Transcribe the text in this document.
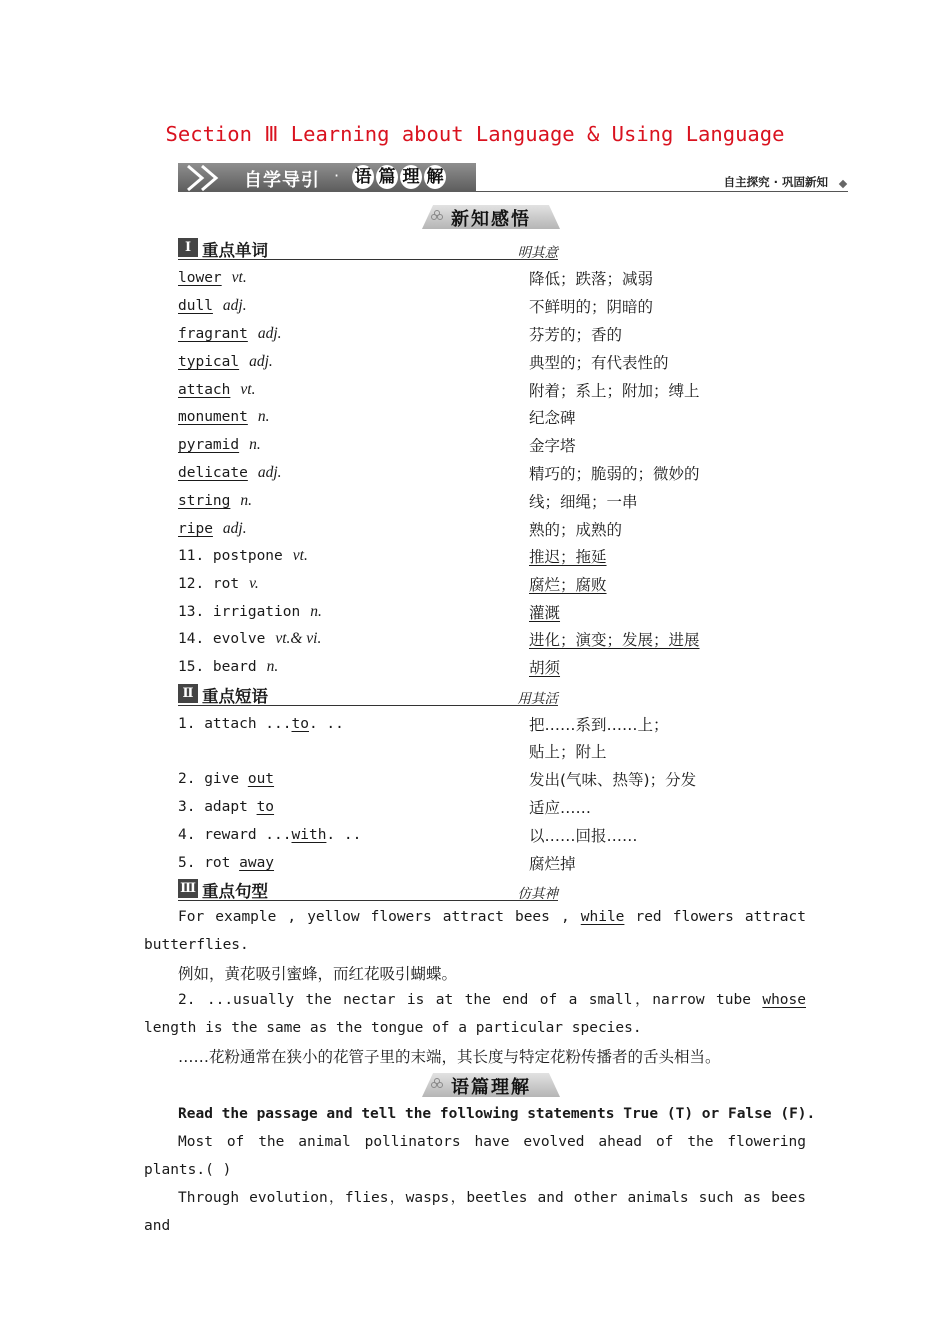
Section Ⅲ Learning about Language & Using Language
自学导引 · 语 篇 理 解	自主探究 · 巩固新知
新知感悟
Ⅰ 重点单词	明其意
lower vt.	降低；跌落；减弱
dull adj.	不鲜明的；阴暗的
fragrant adj.	芬芳的；香的
typical adj.	典型的；有代表性的
attach vt.	附着；系上；附加；缚上
monument n.	纪念碑
pyramid n.	金字塔
delicate adj.	精巧的；脆弱的；微妙的
string n.	线；细绳；一串
ripe adj.	熟的；成熟的
11. postpone vt.	推迟；拖延
12. rot v.	腐烂；腐败
13. irrigation n.	灌溉
14. evolve vt.& vi.	进化；演变；发展；进展
15. beard n.	胡须
Ⅱ 重点短语	用其活
1. attach ...to. ..	把……系到……上；
贴上；附上
2. give out	发出(气味、热等)；分发
3. adapt to	适应……
4. reward ...with. ..	以……回报……
5. rot away	腐烂掉
Ⅲ 重点句型	仿其神
For example , yellow flowers attract bees , while red flowers attract butterflies.
例如，黄花吸引蜜蜂，而红花吸引蝴蝶。
2. ...usually the nectar is at the end of a small，narrow tube whose length is the same as the tongue of a particular species.
……花粉通常在狭小的花管子里的末端，其长度与特定花粉传播者的舌头相当。
语篇理解
Read the passage and tell the following statements True (T) or False (F).
Most of the animal pollinators have evolved ahead of the flowering plants.( )
Through evolution，flies，wasps，beetles and other animals such as bees and
